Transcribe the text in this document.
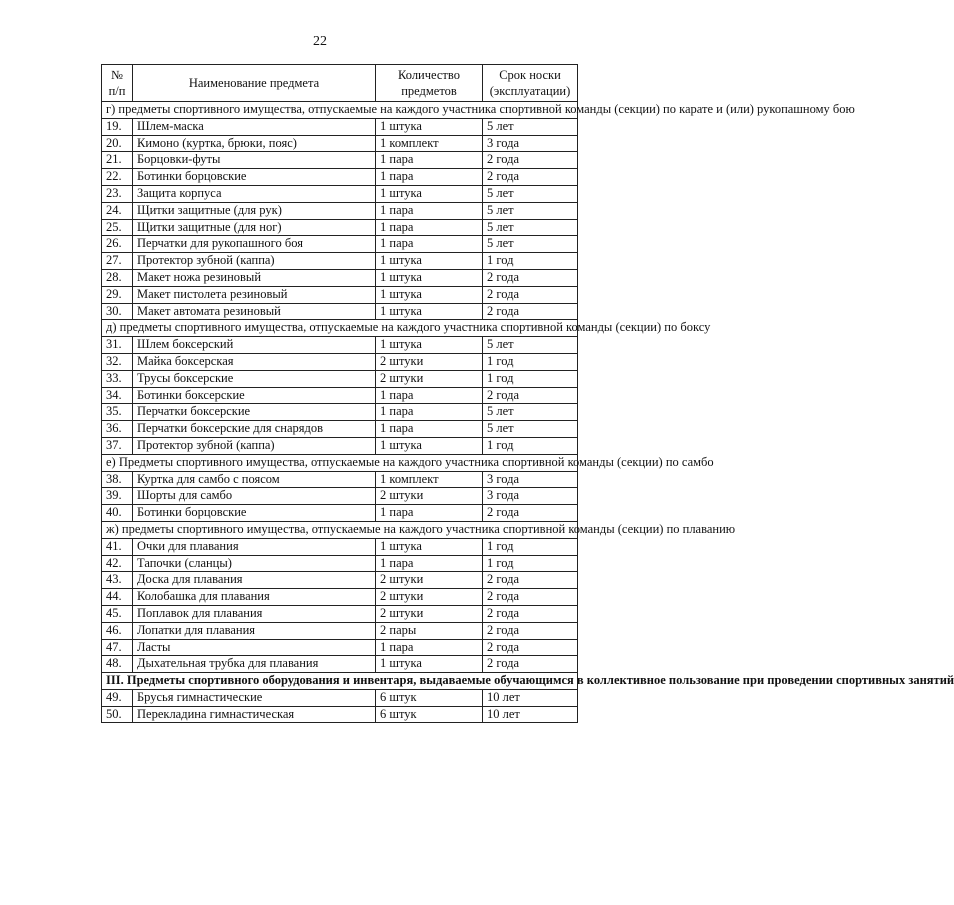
22
№ п/п	Наименование предмета	Количество предметов	Срок носки (эксплуатации)
г) предметы спортивного имущества, отпускаемые на каждого участника спортивной команды (секции) по карате и (или) рукопашному бою			
19.	Шлем-маска	1 штука	5 лет
20.	Кимоно (куртка, брюки, пояс)	1 комплект	3 года
21.	Борцовки-футы	1 пара	2 года
22.	Ботинки борцовские	1 пара	2 года
23.	Защита корпуса	1 штука	5 лет
24.	Щитки защитные (для рук)	1 пара	5 лет
25.	Щитки защитные (для ног)	1 пара	5 лет
26.	Перчатки для рукопашного боя	1 пара	5 лет
27.	Протектор зубной (каппа)	1 штука	1 год
28.	Макет ножа резиновый	1 штука	2 года
29.	Макет пистолета резиновый	1 штука	2 года
30.	Макет автомата резиновый	1 штука	2 года
д) предметы спортивного имущества, отпускаемые на каждого участника спортивной команды (секции) по боксу			
31.	Шлем боксерский	1 штука	5 лет
32.	Майка боксерская	2 штуки	1 год
33.	Трусы боксерские	2 штуки	1 год
34.	Ботинки боксерские	1 пара	2 года
35.	Перчатки боксерские	1 пара	5 лет
36.	Перчатки боксерские для снарядов	1 пара	5 лет
37.	Протектор зубной (каппа)	1 штука	1 год
е) Предметы спортивного имущества, отпускаемые на каждого участника спортивной команды (секции) по самбо			
38.	Куртка для самбо с поясом	1 комплект	3 года
39.	Шорты для самбо	2 штуки	3 года
40.	Ботинки борцовские	1 пара	2 года
ж) предметы спортивного имущества, отпускаемые на каждого участника спортивной команды (секции) по плаванию			
41.	Очки для плавания	1 штука	1 год
42.	Тапочки (сланцы)	1 пара	1 год
43.	Доска для плавания	2 штуки	2 года
44.	Колобашка для плавания	2 штуки	2 года
45.	Поплавок для плавания	2 штуки	2 года
46.	Лопатки для плавания	2 пары	2 года
47.	Ласты	1 пара	2 года
48.	Дыхательная трубка для плавания	1 штука	2 года
III. Предметы спортивного оборудования и инвентаря, выдаваемые обучающимся в коллективное пользование при проведении спортивных занятий			
49.	Брусья гимнастические	6 штук	10 лет
50.	Перекладина гимнастическая	6 штук	10 лет
